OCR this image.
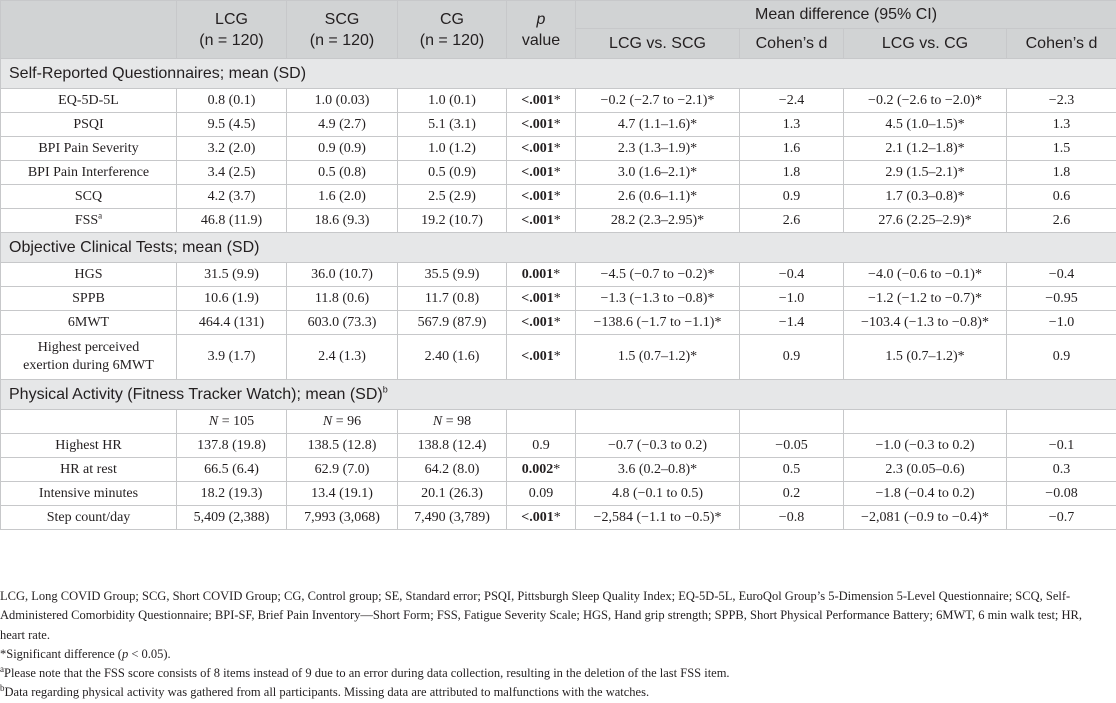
	LCG
(n = 120)	SCG
(n = 120)	CG
(n = 120)	p
value	Mean difference (95% CI)			
					LCG vs. SCG	Cohen’s d	LCG vs. CG	Cohen’s d
Self-Reported Questionnaires; mean (SD)								
EQ-5D-5L	0.8 (0.1)	1.0 (0.03)	1.0 (0.1)	<.001*	−0.2 (−2.7 to −2.1)*	−2.4	−0.2 (−2.6 to −2.0)*	−2.3
PSQI	9.5 (4.5)	4.9 (2.7)	5.1 (3.1)	<.001*	4.7 (1.1–1.6)*	1.3	4.5 (1.0–1.5)*	1.3
BPI Pain Severity	3.2 (2.0)	0.9 (0.9)	1.0 (1.2)	<.001*	2.3 (1.3–1.9)*	1.6	2.1 (1.2–1.8)*	1.5
BPI Pain Interference	3.4 (2.5)	0.5 (0.8)	0.5 (0.9)	<.001*	3.0 (1.6–2.1)*	1.8	2.9 (1.5–2.1)*	1.8
SCQ	4.2 (3.7)	1.6 (2.0)	2.5 (2.9)	<.001*	2.6 (0.6–1.1)*	0.9	1.7 (0.3–0.8)*	0.6
FSS$^a$	46.8 (11.9)	18.6 (9.3)	19.2 (10.7)	<.001*	28.2 (2.3–2.95)*	2.6	27.6 (2.25–2.9)*	2.6
Objective Clinical Tests; mean (SD)								
HGS	31.5 (9.9)	36.0 (10.7)	35.5 (9.9)	0.001*	−4.5 (−0.7 to −0.2)*	−0.4	−4.0 (−0.6 to −0.1)*	−0.4
SPPB	10.6 (1.9)	11.8 (0.6)	11.7 (0.8)	<.001*	−1.3 (−1.3 to −0.8)*	−1.0	−1.2 (−1.2 to −0.7)*	−0.95
6MWT	464.4 (131)	603.0 (73.3)	567.9 (87.9)	<.001*	−138.6 (−1.7 to −1.1)*	−1.4	−103.4 (−1.3 to −0.8)*	−1.0
Highest perceived
exertion during 6MWT	3.9 (1.7)	2.4 (1.3)	2.40 (1.6)	<.001*	1.5 (0.7–1.2)*	0.9	1.5 (0.7–1.2)*	0.9
Physical Activity (Fitness Tracker Watch); mean (SD)$^b$
	N = 105	N = 96	N = 98					
Highest HR	137.8 (19.8)	138.5 (12.8)	138.8 (12.4)	0.9	−0.7 (−0.3 to 0.2)	−0.05	−1.0 (−0.3 to 0.2)	−0.1
HR at rest	66.5 (6.4)	62.9 (7.0)	64.2 (8.0)	0.002*	3.6 (0.2–0.8)*	0.5	2.3 (0.05–0.6)	0.3
Intensive minutes	18.2 (19.3)	13.4 (19.1)	20.1 (26.3)	0.09	4.8 (−0.1 to 0.5)	0.2	−1.8 (−0.4 to 0.2)	−0.08
Step count/day	5,409 (2,388)	7,993 (3,068)	7,490 (3,789)	<.001*	−2,584 (−1.1 to −0.5)*	−0.8	−2,081 (−0.9 to −0.4)*	−0.7

LCG, Long COVID Group; SCG, Short COVID Group; CG, Control group; SE, Standard error; PSQI, Pittsburgh Sleep Quality Index; EQ-5D-5L, EuroQol Group’s 5-Dimension 5-Level Questionnaire; SCQ, Self-Administered Comorbidity Questionnaire; BPI-SF, Brief Pain Inventory—Short Form; FSS, Fatigue Severity Scale; HGS, Hand grip strength; SPPB, Short Physical Performance Battery; 6MWT, 6 min walk test; HR, heart rate.

*Significant difference (p < 0.05).

$^a$Please note that the FSS score consists of 8 items instead of 9 due to an error during data collection, resulting in the deletion of the last FSS item.

$^b$Data regarding physical activity was gathered from all participants. Missing data are attributed to malfunctions with the watches.
